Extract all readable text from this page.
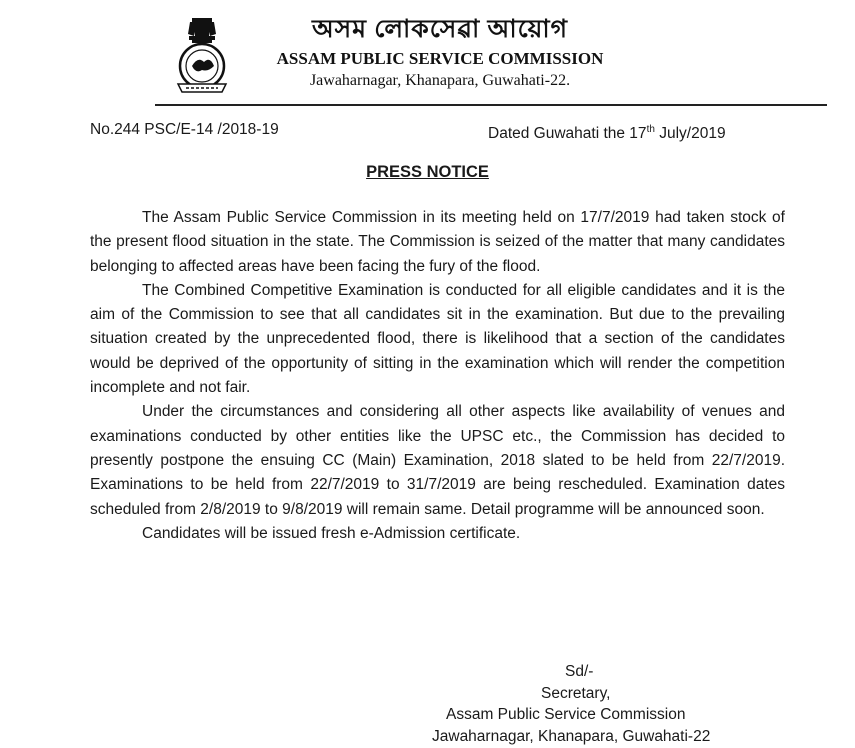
অসম লোকসেৱা আয়োগ
ASSAM PUBLIC SERVICE COMMISSION
Jawaharnagar, Khanapara, Guwahati-22.
No.244 PSC/E-14 /2018-19	Dated Guwahati the 17th July/2019
PRESS NOTICE

The Assam Public Service Commission in its meeting held on 17/7/2019 had taken stock of the present flood situation in the state. The Commission is seized of the matter that many candidates belonging to affected areas have been facing the fury of the flood.

The Combined Competitive Examination is conducted for all eligible candidates and it is the aim of the Commission to see that all candidates sit in the examination. But due to the prevailing situation created by the unprecedented flood, there is likelihood that a section of the candidates would be deprived of the opportunity of sitting in the examination which will render the competition incomplete and not fair.

Under the circumstances and considering all other aspects like availability of venues and examinations conducted by other entities like the UPSC etc., the Commission has decided to presently postpone the ensuing CC (Main) Examination, 2018 slated to be held from 22/7/2019. Examinations to be held from 22/7/2019 to 31/7/2019 are being rescheduled. Examination dates scheduled from 2/8/2019 to 9/8/2019 will remain same. Detail programme will be announced soon.

Candidates will be issued fresh e-Admission certificate.

Sd/-
Secretary,
Assam Public Service Commission
Jawaharnagar, Khanapara, Guwahati-22
